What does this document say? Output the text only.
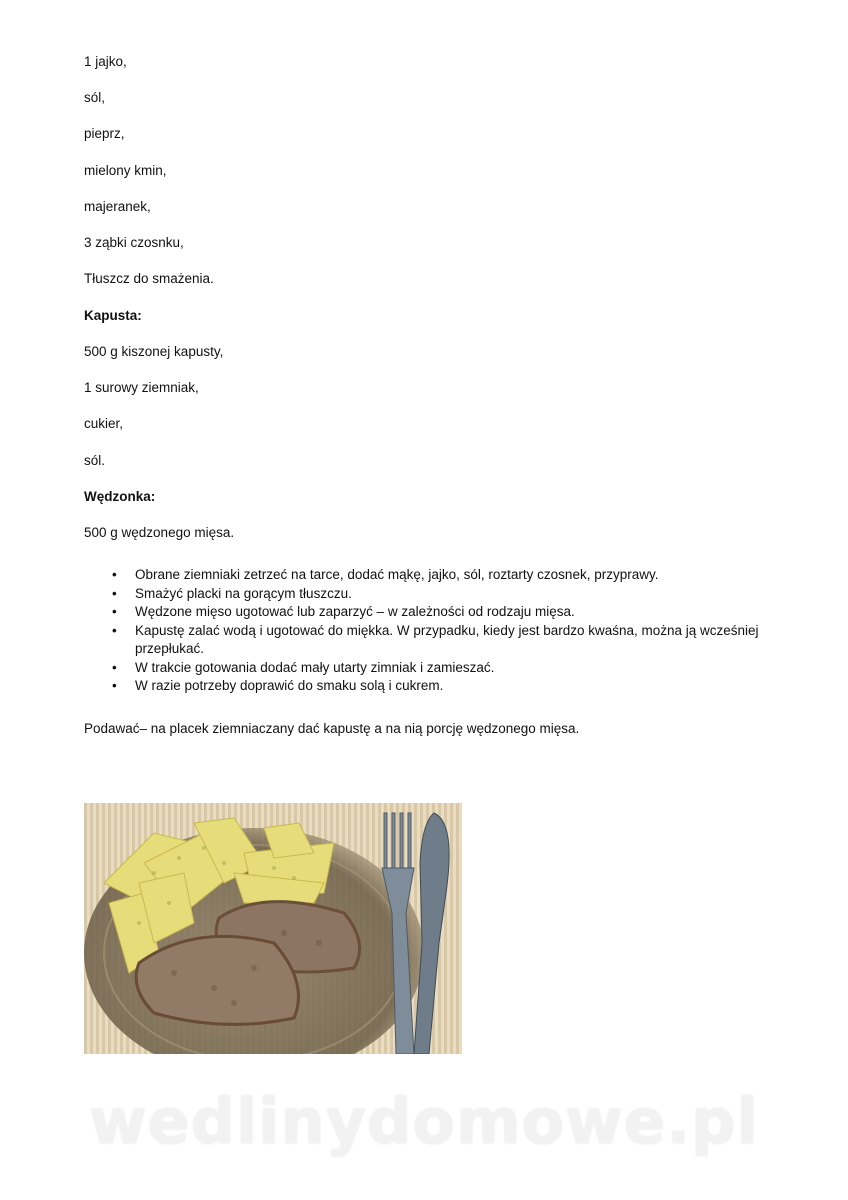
1 jajko,
sól,
pieprz,
mielony kmin,
majeranek,
3 ząbki czosnku,
Tłuszcz do smażenia.
Kapusta:
500 g kiszonej kapusty,
1 surowy ziemniak,
cukier,
sól.
Wędzonka:
500 g wędzonego mięsa.
• Obrane ziemniaki zetrzeć na tarce, dodać mąkę, jajko, sól, roztarty czosnek, przyprawy.
• Smażyć placki na gorącym tłuszczu.
• Wędzone mięso ugotować lub zaparzyć – w zależności od rodzaju mięsa.
• Kapustę zalać wodą i ugotować do miękka. W przypadku, kiedy jest bardzo kwaśna, można ją wcześniej przepłukać.
• W trakcie gotowania dodać mały utarty zimniak i zamieszać.
• W razie potrzeby doprawić do smaku solą i cukrem.
Podawać– na placek ziemniaczany dać kapustę a na nią porcję wędzonego mięsa.
wedlinydomowe.pl
